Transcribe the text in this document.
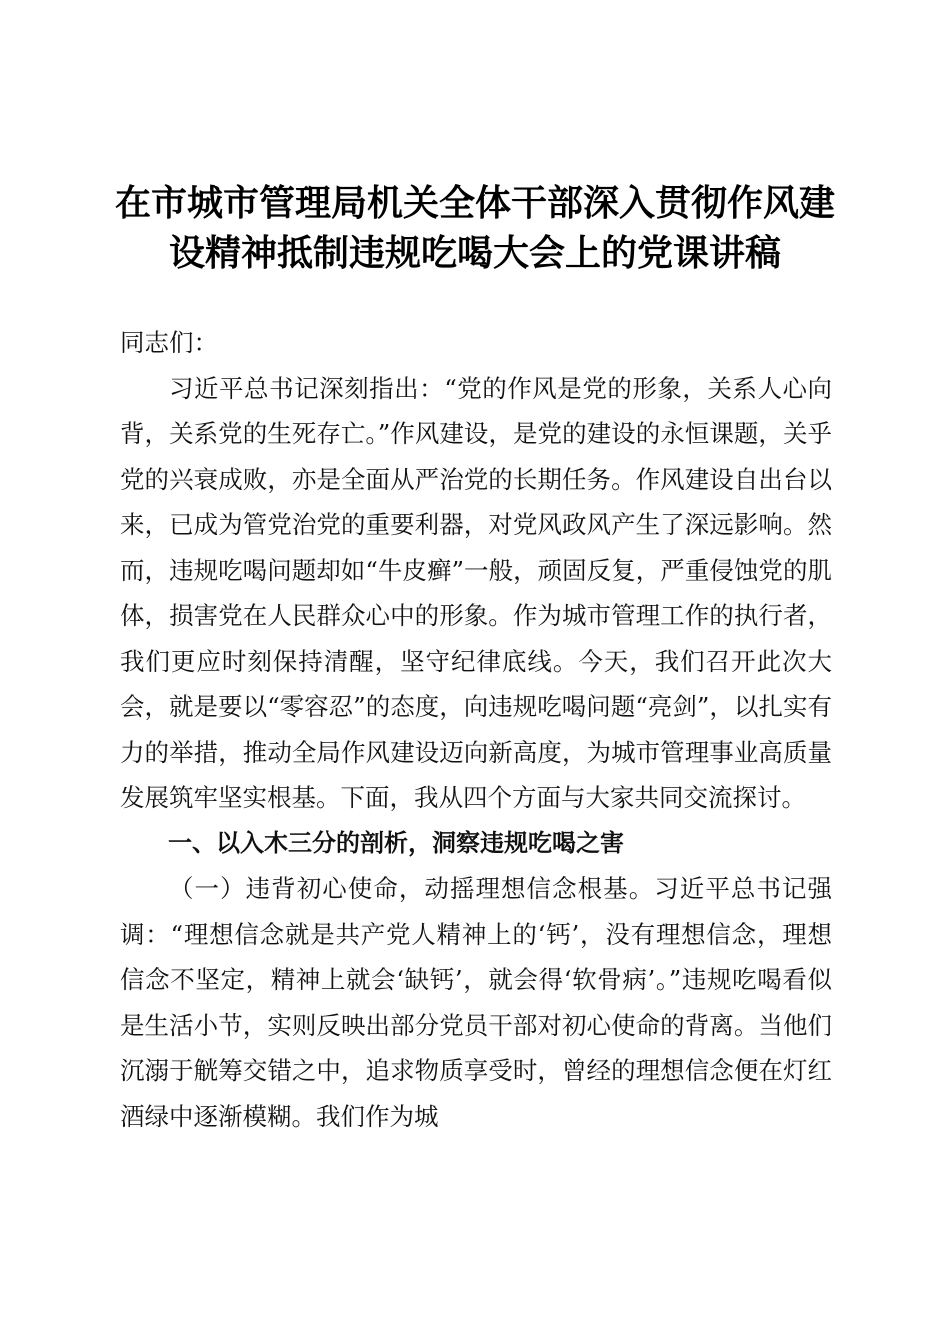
在市城市管理局机关全体干部深入贯彻作风建
设精神抵制违规吃喝大会上的党课讲稿

同志们：

习近平总书记深刻指出：“党的作风是党的形象，关系人心向背，关系党的生死存亡。”作风建设，是党的建设的永恒课题，关乎党的兴衰成败，亦是全面从严治党的长期任务。作风建设自出台以来，已成为管党治党的重要利器，对党风政风产生了深远影响。然而，违规吃喝问题却如“牛皮癣”一般，顽固反复，严重侵蚀党的肌体，损害党在人民群众心中的形象。作为城市管理工作的执行者，我们更应时刻保持清醒，坚守纪律底线。今天，我们召开此次大会，就是要以“零容忍”的态度，向违规吃喝问题“亮剑”，以扎实有力的举措，推动全局作风建设迈向新高度，为城市管理事业高质量发展筑牢坚实根基。下面，我从四个方面与大家共同交流探讨。

一、以入木三分的剖析，洞察违规吃喝之害

（一）违背初心使命，动摇理想信念根基。习近平总书记强调：“理想信念就是共产党人精神上的‘钙’，没有理想信念，理想信念不坚定，精神上就会‘缺钙’，就会得‘软骨病’。”违规吃喝看似是生活小节，实则反映出部分党员干部对初心使命的背离。当他们沉溺于觥筹交错之中，追求物质享受时，曾经的理想信念便在灯红酒绿中逐渐模糊。我们作为城
